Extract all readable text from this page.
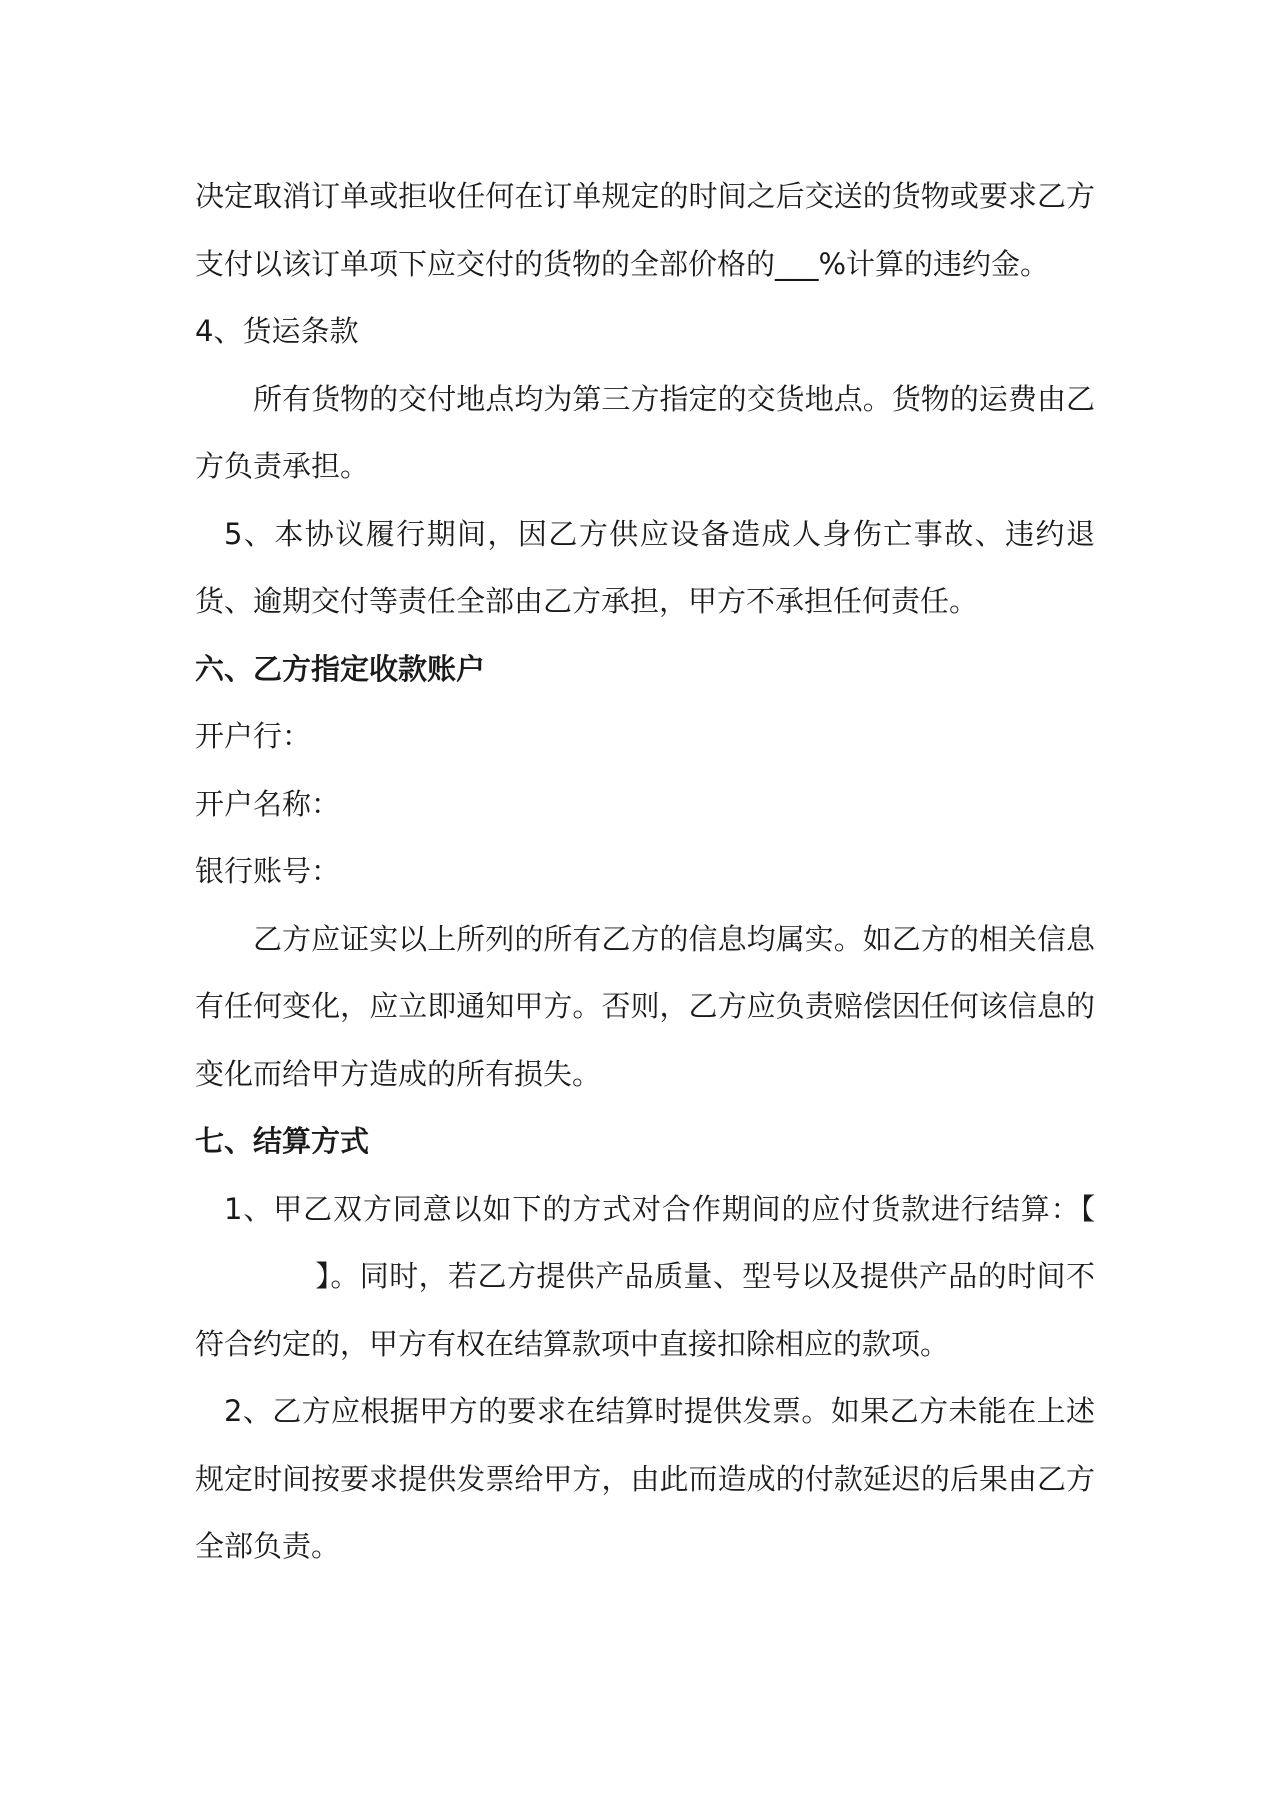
决定取消订单或拒收任何在订单规定的时间之后交送的货物或要求乙方支付以该订单项下应交付的货物的全部价格的___%计算的违约金。

4、货运条款

所有货物的交付地点均为第三方指定的交货地点。货物的运费由乙方负责承担。

5、本协议履行期间，因乙方供应设备造成人身伤亡事故、违约退货、逾期交付等责任全部由乙方承担，甲方不承担任何责任。

六、乙方指定收款账户

开户行：

开户名称：

银行账号：

乙方应证实以上所列的所有乙方的信息均属实。如乙方的相关信息有任何变化，应立即通知甲方。否则，乙方应负责赔偿因任何该信息的变化而给甲方造成的所有损失。

七、结算方式

1、甲乙双方同意以如下的方式对合作期间的应付货款进行结算：【】。同时，若乙方提供产品质量、型号以及提供产品的时间不符合约定的，甲方有权在结算款项中直接扣除相应的款项。

2、乙方应根据甲方的要求在结算时提供发票。如果乙方未能在上述规定时间按要求提供发票给甲方，由此而造成的付款延迟的后果由乙方全部负责。
